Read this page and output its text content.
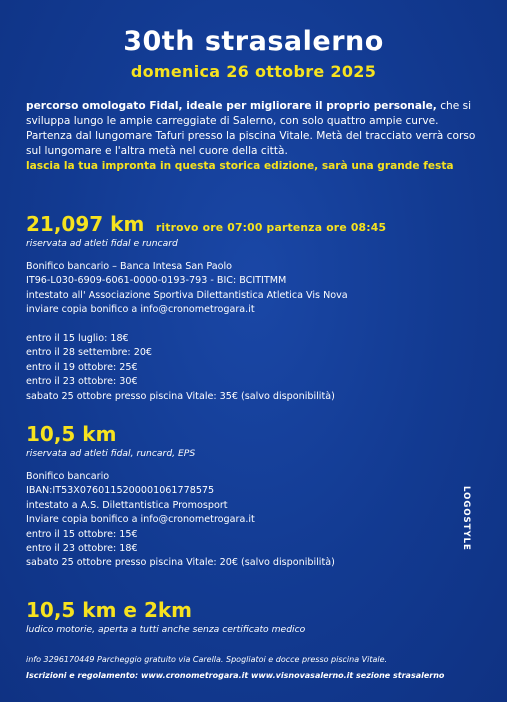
30th strasalerno
domenica 26 ottobre 2025
percorso omologato Fidal, ideale per migliorare il proprio personale, che si sviluppa lungo le ampie carreggiate di Salerno, con solo quattro ampie curve. Partenza dal lungomare Tafuri presso la piscina Vitale. Metà del tracciato verrà corso sul lungomare e l'altra metà nel cuore della città.
lascia la tua impronta in questa storica edizione, sarà una grande festa
21,097 km ritrovo ore 07:00 partenza ore 08:45
riservata ad atleti fidal e runcard
Bonifico bancario – Banca Intesa San Paolo
IT96-L030-6909-6061-0000-0193-793 - BIC: BCITITMM
intestato all' Associazione Sportiva Dilettantistica Atletica Vis Nova
inviare copia bonifico a info@cronometrogara.it
entro il 15 luglio: 18€
entro il 28 settembre: 20€
entro il 19 ottobre: 25€
entro il 23 ottobre: 30€
sabato 25 ottobre presso piscina Vitale: 35€ (salvo disponibilità)
10,5 km
riservata ad atleti fidal, runcard, EPS
Bonifico bancario
IBAN:IT53X0760115200001061778575
intestato a A.S. Dilettantistica Promosport
Inviare copia bonifico a info@cronometrogara.it
entro il 15 ottobre: 15€
entro il 23 ottobre: 18€
sabato 25 ottobre presso piscina Vitale: 20€ (salvo disponibilità)
LOGOSTYLE
10,5 km e 2km
ludico motorie, aperta a tutti anche senza certificato medico
info 3296170449 Parcheggio gratuito via Carella. Spogliatoi e docce presso piscina Vitale.
Iscrizioni e regolamento: www.cronometrogara.it www.visnovasalerno.it sezione strasalerno
